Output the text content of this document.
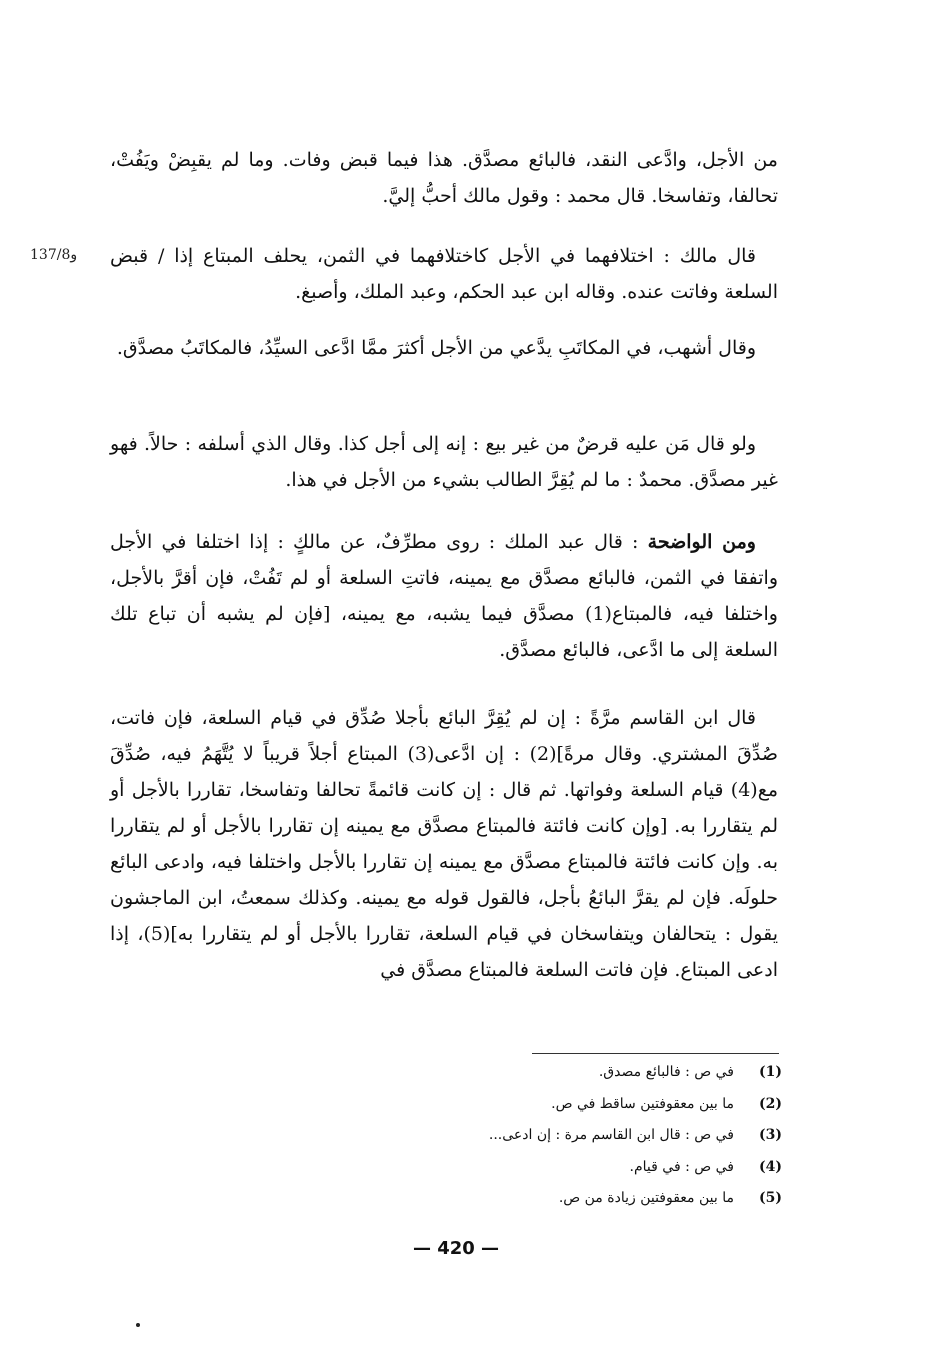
من الأجل، وادَّعى النقد، فالبائع مصدَّق. هذا فيما قبض وفات. وما لم يقبِضْ ويَفُتْ، تحالفا، وتفاسخا. قال محمد : وقول مالك أحبُّ إليَّ.

137/8و قال مالك : اختلافهما في الأجل كاختلافهما في الثمن، يحلف المبتاع إذا / قبض السلعة وفاتت عنده. وقاله ابن عبد الحكم، وعبد الملك، وأصبغ.

وقال أشهب، في المكاتَبِ يدَّعي من الأجل أكثرَ ممَّا ادَّعى السيِّدُ، فالمكاتَبُ مصدَّق.

ولو قال مَن عليه قرضٌ من غير بيع : إنه إلى أجل كذا. وقال الذي أسلفه : حالاً. فهو غير مصدَّق. محمدٌ : ما لم يُقِرَّ الطالب بشيء من الأجل في هذا.

ومن الواضحة : قال عبد الملك : روى مطرِّفٌ، عن مالكٍ : إذا اختلفا في الأجل واتفقا في الثمن، فالبائع مصدَّق مع يمينه، فاتتِ السلعة أو لم تَفُتْ، فإن أقرَّ بالأجل، واختلفا فيه، فالمبتاع(1) مصدَّق فيما يشبه، مع يمينه، [فإن لم يشبه أن تباع تلك السلعة إلى ما ادَّعى، فالبائع مصدَّق.

قال ابن القاسم مرَّةً : إن لم يُقِرَّ البائع بأجلا صُدِّق في قيام السلعة، فإن فاتت، صُدِّقَ المشتري. وقال مرةً](2) : إن ادَّعى(3) المبتاع أجلاً قريباً لا يُتَّهَمُ فيه، صُدِّقَ مع(4) قيام السلعة وفواتها. ثم قال : إن كانت قائمةً تحالفا وتفاسخا، تقاررا بالأجل أو لم يتقاررا به. [وإن كانت فائتة فالمبتاع مصدَّق مع يمينه إن تقاررا بالأجل أو لم يتقاررا به. وإن كانت فائتة فالمبتاع مصدَّق مع يمينه إن تقاررا بالأجل واختلفا فيه، وادعى البائع حلولَه. فإن لم يقرَّ البائعُ بأجل، فالقول قوله مع يمينه. وكذلك سمعتُ، ابن الماجشون يقول : يتحالفان ويتفاسخان في قيام السلعة، تقاررا بالأجل أو لم يتقاررا به](5)، إذا ادعى المبتاع. فإن فاتت السلعة فالمبتاع مصدَّق في

(1)
في ص : فالبائع مصدق.
(2)
ما بين معقوفتين ساقط في ص.
(3)
في ص : قال ابن القاسم مرة : إن ادعى...
(4)
في ص : في قيام.
(5)
ما بين معقوفتين زيادة من ص.
— 420 —
